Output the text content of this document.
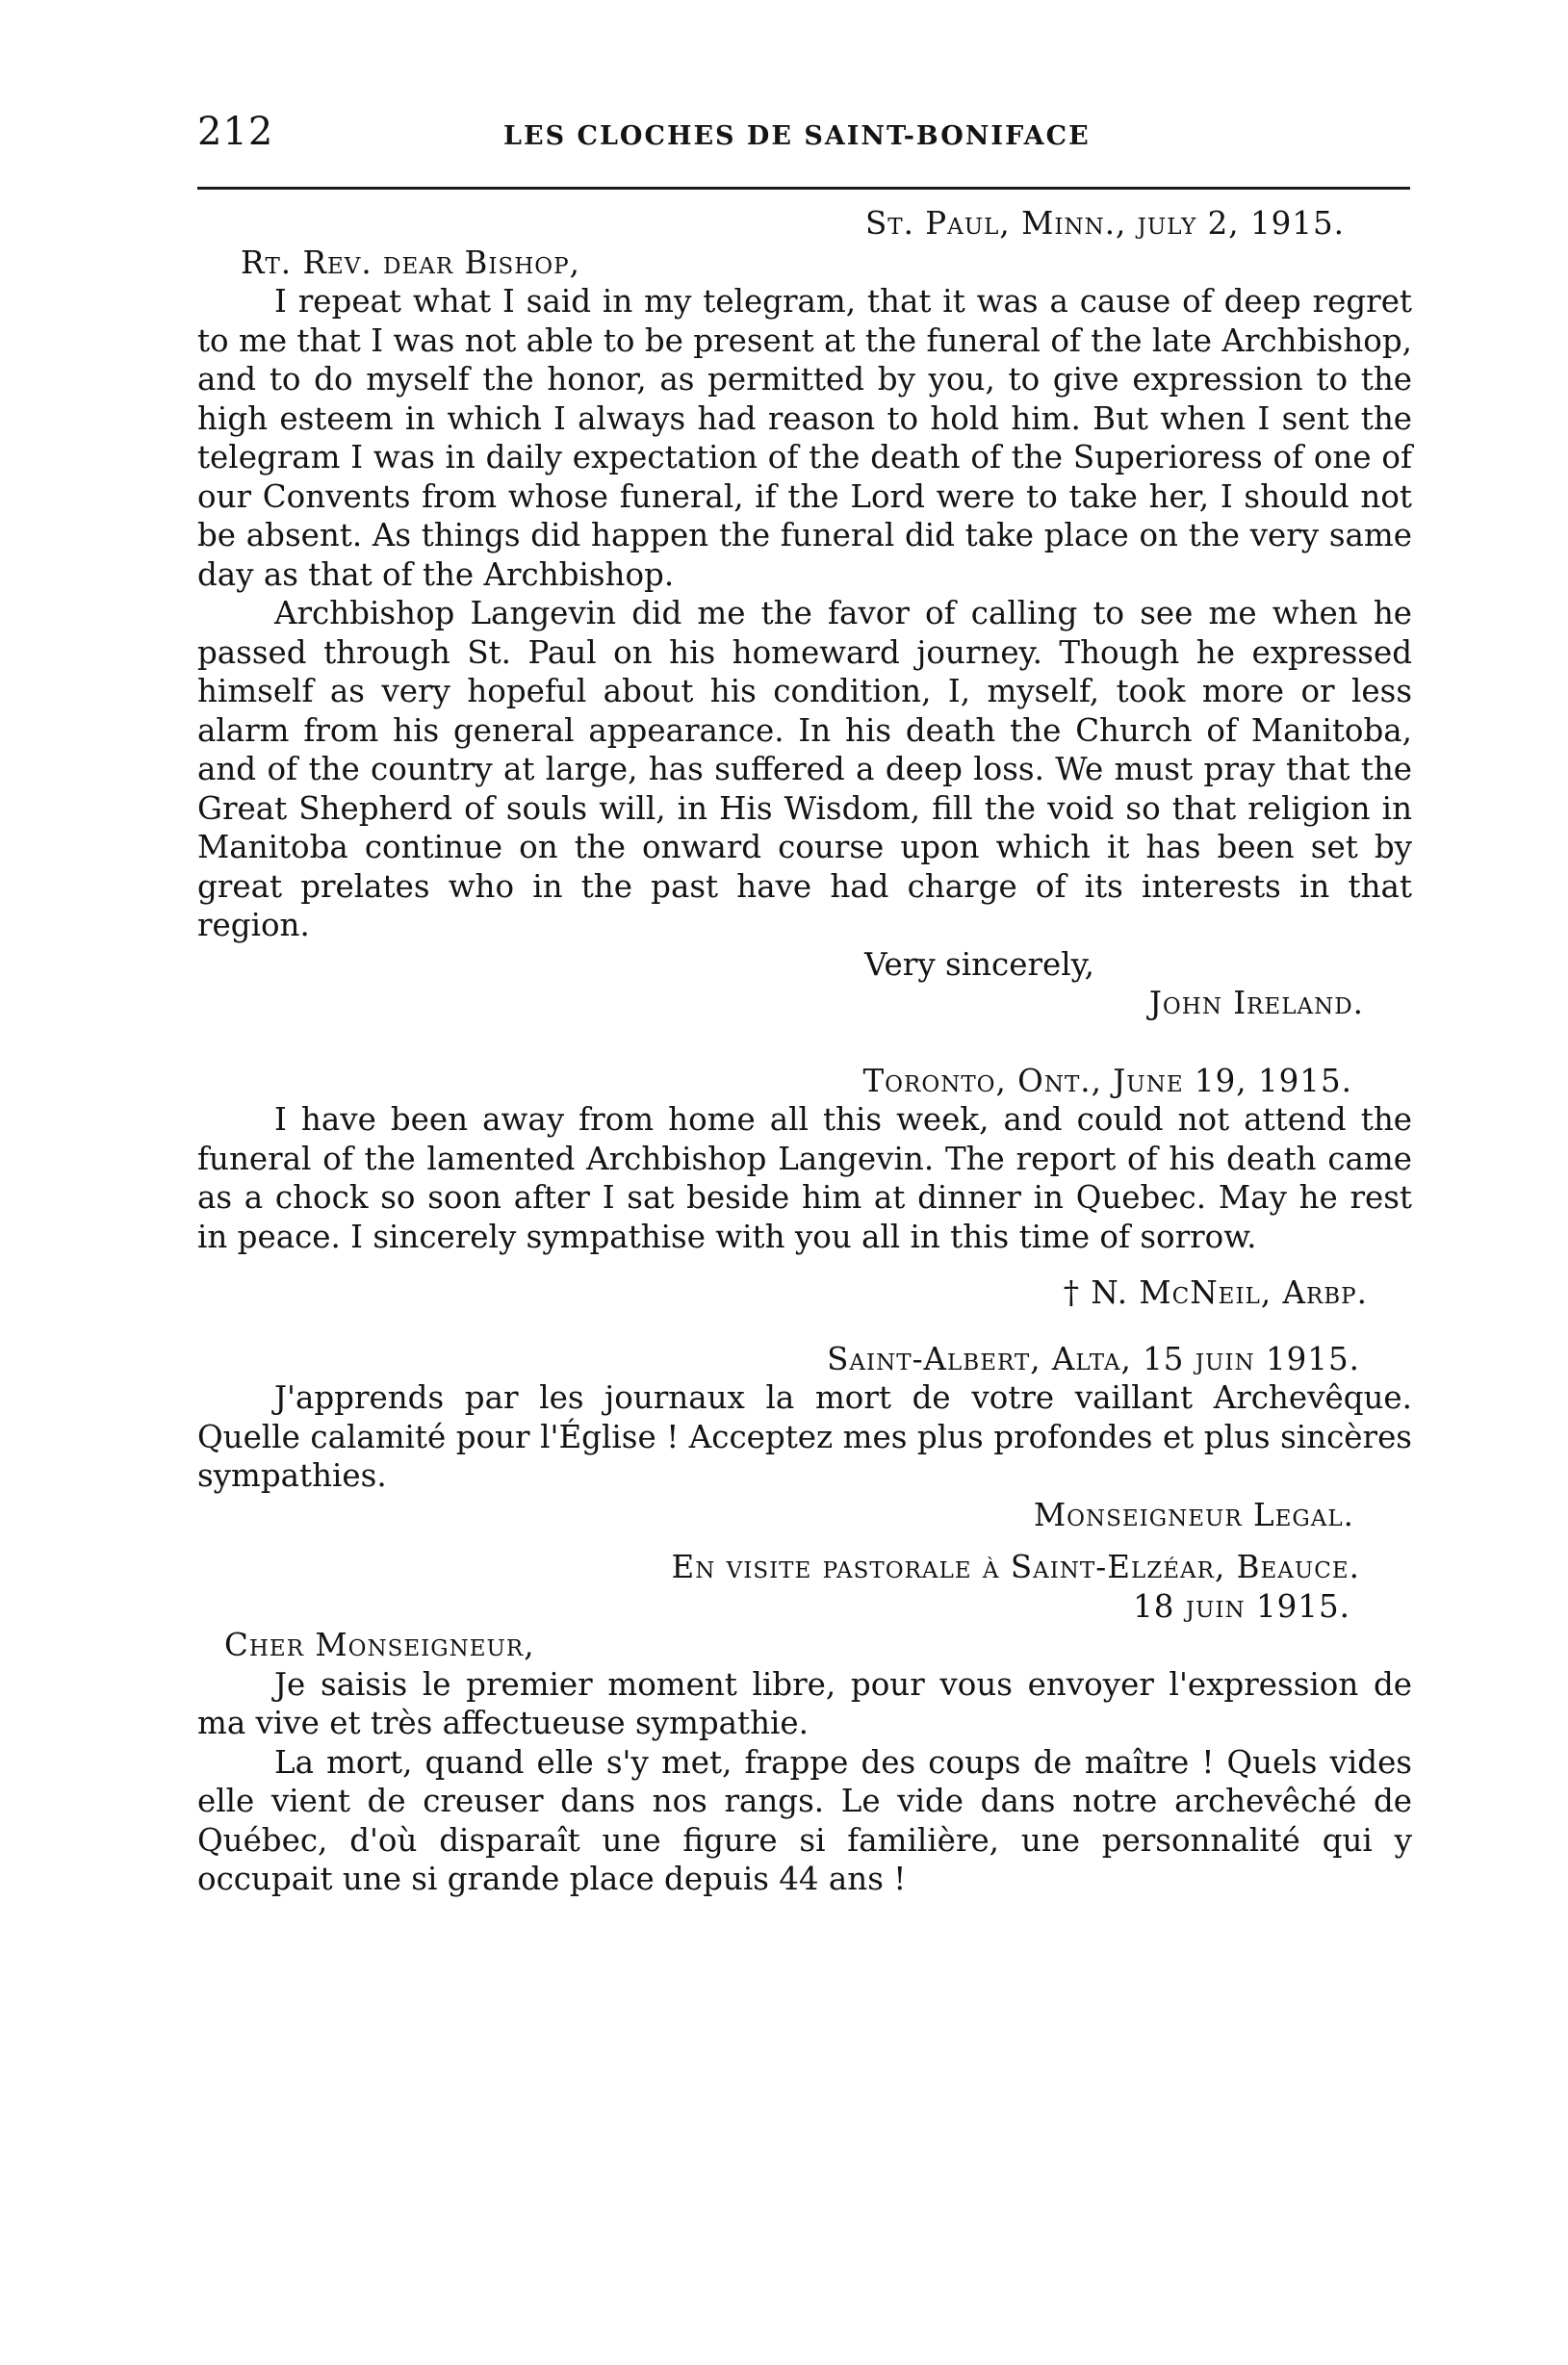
212	LES CLOCHES DE SAINT-BONIFACE
St. Paul, Minn., july 2, 1915.
Rt. Rev. dear Bishop,

I repeat what I said in my telegram, that it was a cause of deep regret to me that I was not able to be present at the funeral of the late Archbishop, and to do myself the honor, as permitted by you, to give expression to the high esteem in which I always had reason to hold him. But when I sent the telegram I was in daily expectation of the death of the Superioress of one of our Convents from whose funeral, if the Lord were to take her, I should not be absent. As things did happen the funeral did take place on the very same day as that of the Archbishop.

Archbishop Langevin did me the favor of calling to see me when he passed through St. Paul on his homeward journey. Though he expressed himself as very hopeful about his condition, I, myself, took more or less alarm from his general appearance. In his death the Church of Manitoba, and of the country at large, has suffered a deep loss. We must pray that the Great Shepherd of souls will, in His Wisdom, fill the void so that religion in Manitoba continue on the onward course upon which it has been set by great prelates who in the past have had charge of its interests in that region.

Very sincerely,
John Ireland.
Toronto, Ont., June 19, 1915.

I have been away from home all this week, and could not attend the funeral of the lamented Archbishop Langevin. The report of his death came as a chock so soon after I sat beside him at dinner in Quebec. May he rest in peace. I sincerely sympathise with you all in this time of sorrow.

† N. McNeil, Arbp.
Saint-Albert, Alta, 15 juin 1915.

J'apprends par les journaux la mort de votre vaillant Archevêque. Quelle calamité pour l'Église ! Acceptez mes plus profondes et plus sincères sympathies.

Monseigneur Legal.
En visite pastorale à Saint-Elzéar, Beauce.
18 juin 1915.
Cher Monseigneur,

Je saisis le premier moment libre, pour vous envoyer l'expression de ma vive et très affectueuse sympathie.

La mort, quand elle s'y met, frappe des coups de maître ! Quels vides elle vient de creuser dans nos rangs. Le vide dans notre archevêché de Québec, d'où disparaît une figure si familière, une personnalité qui y occupait une si grande place depuis 44 ans !
